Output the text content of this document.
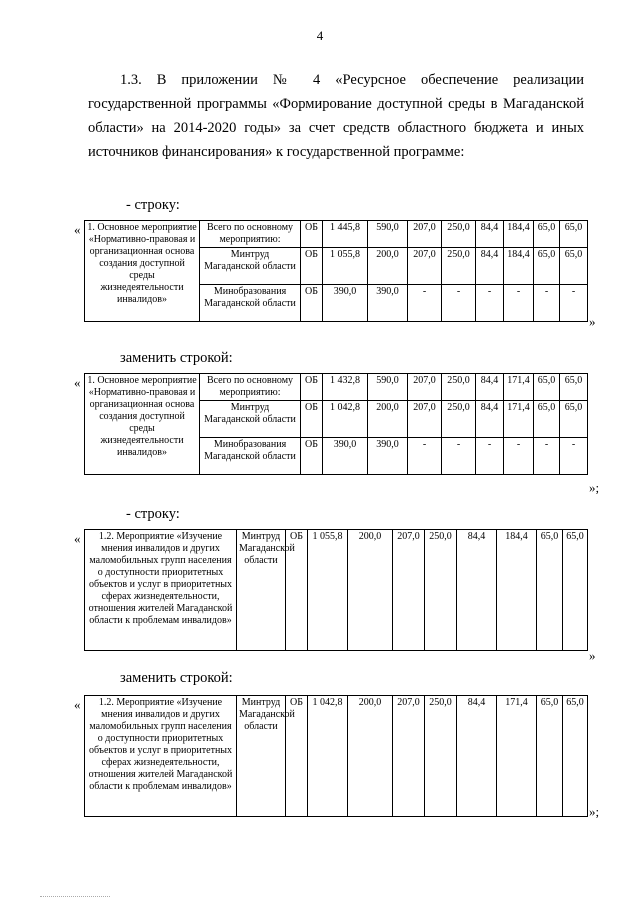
4
1.3. В приложении № 4 «Ресурсное обеспечение реализации государственной программы «Формирование доступной среды в Магаданской области» на 2014-2020 годы» за счет средств областного бюджета и иных источников финансирования» к государственной программе:
- строку:
« 1. Основное мероприятие «Нормативно-правовая и организационная основа создания доступной среды жизнедеятельности инвалидов»	Всего по основному мероприятию:	ОБ	1 445,8	590,0	207,0	250,0	84,4	184,4	65,0	65,0
	Минтруд Магаданской области	ОБ	1 055,8	200,0	207,0	250,0	84,4	184,4	65,0	65,0
	Минобразования Магаданской области	ОБ	390,0	390,0	-	-	-	-	-	-
»
заменить строкой:
« 1. Основное мероприятие «Нормативно-правовая и организационная основа создания доступной среды жизнедеятельности инвалидов»	Всего по основному мероприятию:	ОБ	1 432,8	590,0	207,0	250,0	84,4	171,4	65,0	65,0
	Минтруд Магаданской области	ОБ	1 042,8	200,0	207,0	250,0	84,4	171,4	65,0	65,0
	Минобразования Магаданской области	ОБ	390,0	390,0	-	-	-	-	-	-
»;
- строку:
« 1.2. Мероприятие «Изучение мнения инвалидов и других маломобильных групп населения о доступности приоритетных объектов и услуг в приоритетных сферах жизнедеятельности, отношения жителей Магаданской области к проблемам инвалидов»	Минтруд Магаданской области	ОБ	1 055,8	200,0	207,0	250,0	84,4	184,4	65,0	65,0
»
заменить строкой:
« 1.2. Мероприятие «Изучение мнения инвалидов и других маломобильных групп населения о доступности приоритетных объектов и услуг в приоритетных сферах жизнедеятельности, отношения жителей Магаданской области к проблемам инвалидов»	Минтруд Магаданской области	ОБ	1 042,8	200,0	207,0	250,0	84,4	171,4	65,0	65,0
»;
